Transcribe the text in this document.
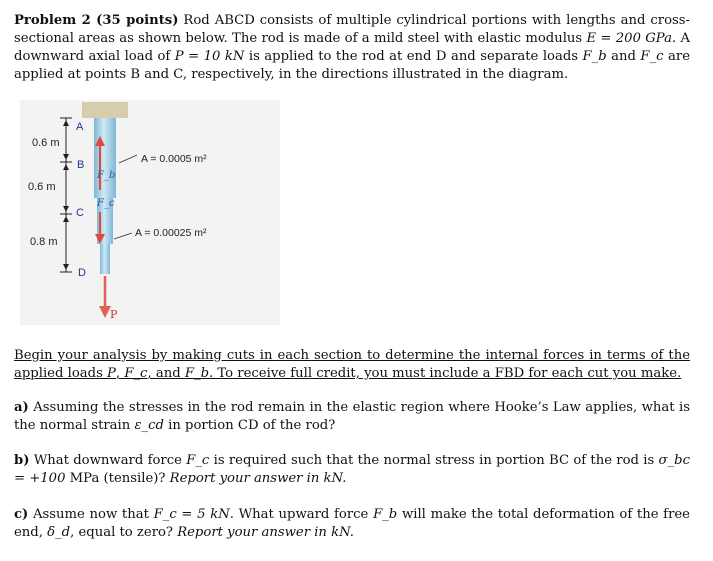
Problem 2 (35 points) Rod ABCD consists of multiple cylindrical portions with lengths and cross-sectional areas as shown below. The rod is made of a mild steel with elastic modulus E = 200 GPa. A downward axial load of P = 10 kN is applied to the rod at end D and separate loads F_b and F_c are applied at points B and C, respectively, in the directions illustrated in the diagram.
0.6 m
0.6 m
0.8 m
A
B
C
D
F_b
F_c
P
A = 0.0005 m²
A = 0.00025 m²
Begin your analysis by making cuts in each section to determine the internal forces in terms of the applied loads P, F_c, and F_b. To receive full credit, you must include a FBD for each cut you make.
a) Assuming the stresses in the rod remain in the elastic region where Hooke’s Law applies, what is the normal strain ε_cd in portion CD of the rod?
b) What downward force F_c is required such that the normal stress in portion BC of the rod is σ_bc = +100 MPa (tensile)? Report your answer in kN.
c) Assume now that F_c = 5 kN. What upward force F_b will make the total deformation of the free end, δ_d, equal to zero? Report your answer in kN.
